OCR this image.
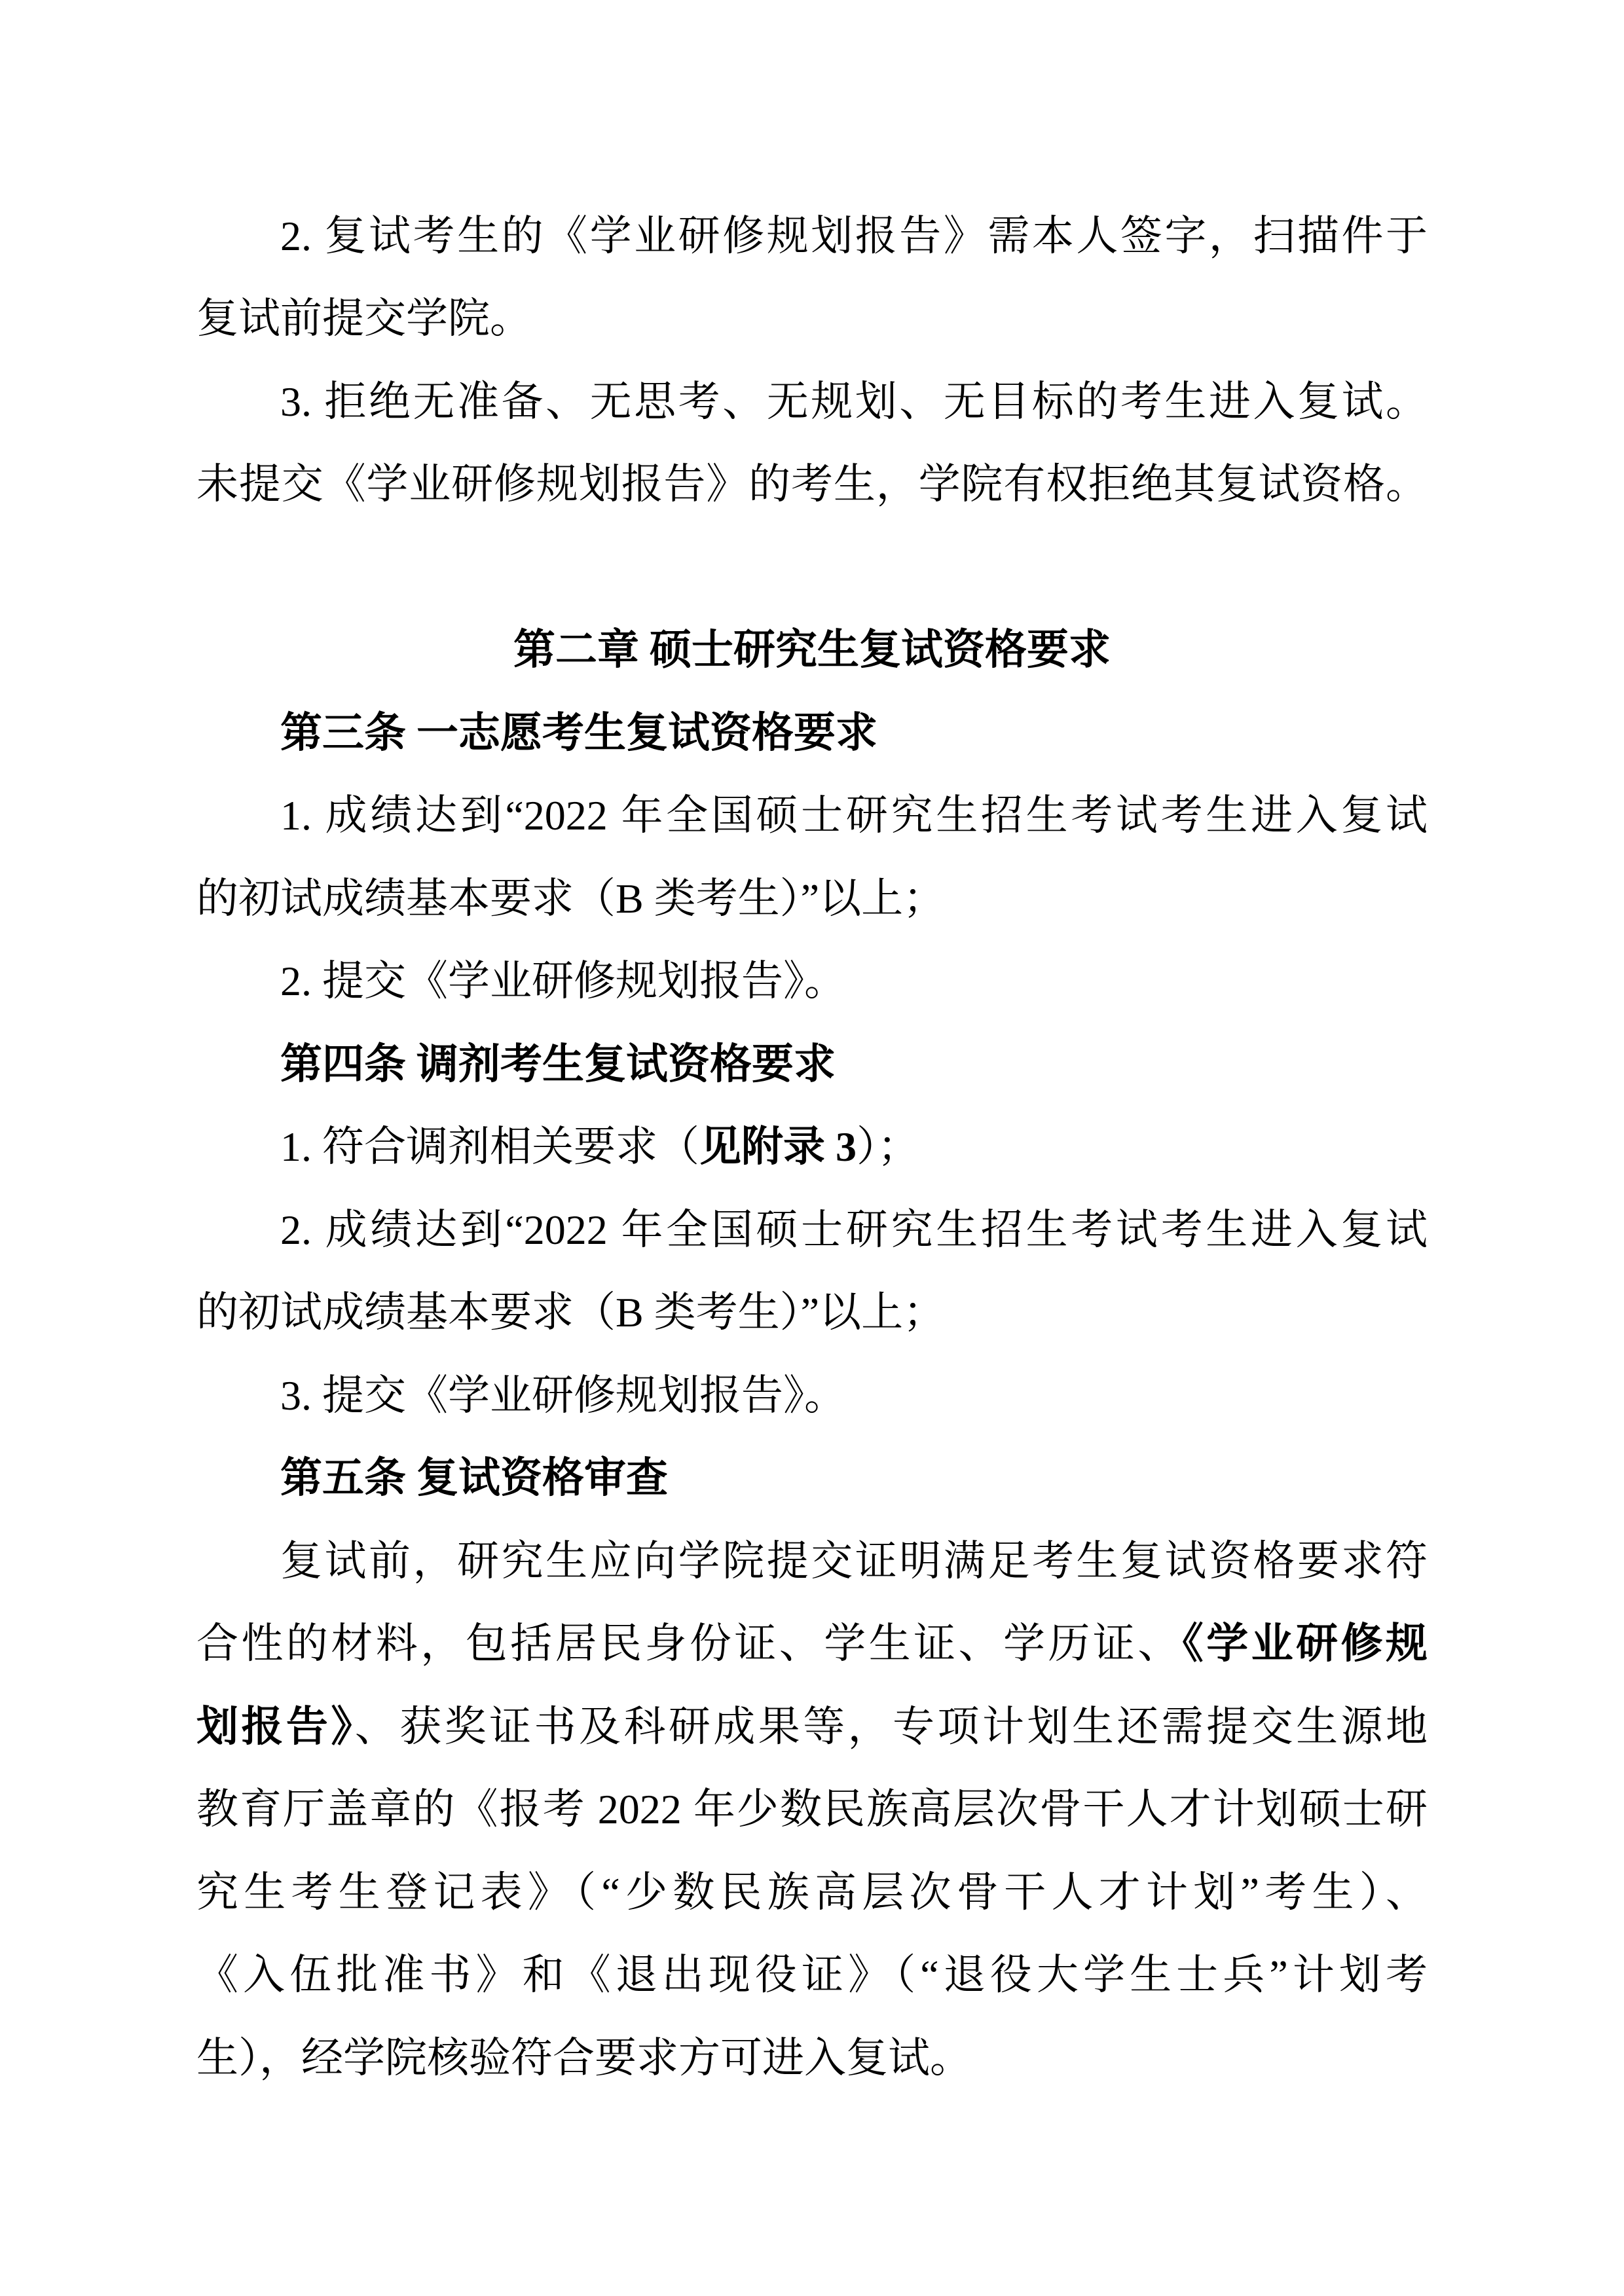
2. 复试考生的《学业研修规划报告》需本人签字，扫描件于
复试前提交学院。
3. 拒绝无准备、无思考、无规划、无目标的考生进入复试。
未提交《学业研修规划报告》的考生，学院有权拒绝其复试资格。
第二章 硕士研究生复试资格要求
第三条 一志愿考生复试资格要求
1. 成绩达到“2022 年全国硕士研究生招生考试考生进入复试
的初试成绩基本要求（B 类考生）”以上；
2. 提交《学业研修规划报告》。
第四条 调剂考生复试资格要求
1. 符合调剂相关要求（见附录 3）；
2. 成绩达到“2022 年全国硕士研究生招生考试考生进入复试
的初试成绩基本要求（B 类考生）”以上；
3. 提交《学业研修规划报告》。
第五条 复试资格审查
复试前，研究生应向学院提交证明满足考生复试资格要求符
合性的材料，包括居民身份证、学生证、学历证、《学业研修规
划报告》、获奖证书及科研成果等，专项计划生还需提交生源地
教育厅盖章的《报考 2022 年少数民族高层次骨干人才计划硕士研
究生考生登记表》（“少数民族高层次骨干人才计划”考生）、
《入伍批准书》和《退出现役证》（“退役大学生士兵”计划考
生），经学院核验符合要求方可进入复试。
